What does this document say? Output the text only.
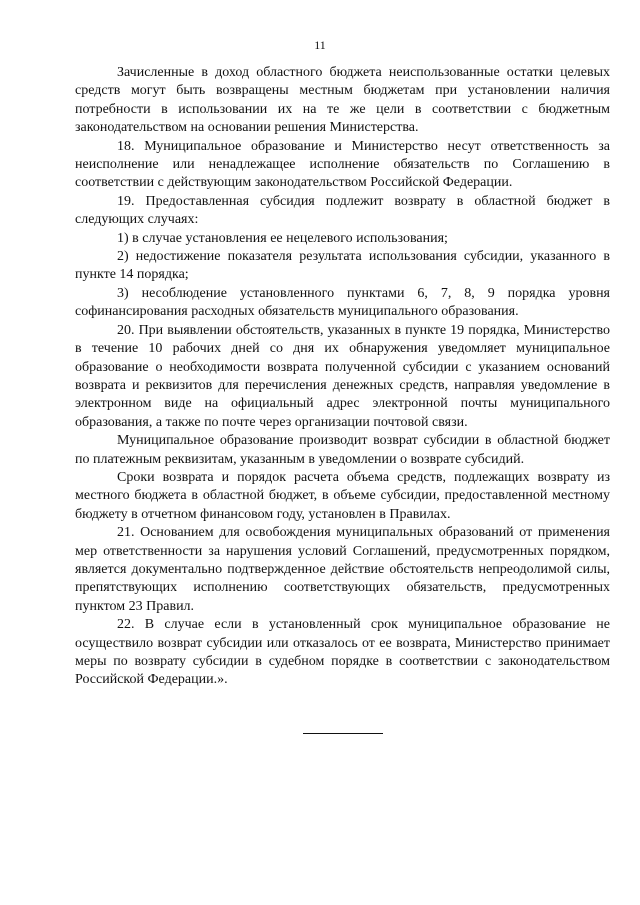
11

Зачисленные в доход областного бюджета неиспользованные остатки целевых средств могут быть возвращены местным бюджетам при установлении наличия потребности в использовании их на те же цели в соответствии с бюджетным законодательством на основании решения Министерства.

18. Муниципальное образование и Министерство несут ответственность за неисполнение или ненадлежащее исполнение обязательств по Соглашению в соответствии с действующим законодательством Российской Федерации.

19. Предоставленная субсидия подлежит возврату в областной бюджет в следующих случаях:

1) в случае установления ее нецелевого использования;

2) недостижение показателя результата использования субсидии, указанного в пункте 14 порядка;

3) несоблюдение установленного пунктами 6, 7, 8, 9 порядка уровня софинансирования расходных обязательств муниципального образования.

20. При выявлении обстоятельств, указанных в пункте 19 порядка, Министерство в течение 10 рабочих дней со дня их обнаружения уведомляет муниципальное образование о необходимости возврата полученной субсидии с указанием оснований возврата и реквизитов для перечисления денежных средств, направляя уведомление в электронном виде на официальный адрес электронной почты муниципального образования, а также по почте через организации почтовой связи.

Муниципальное образование производит возврат субсидии в областной бюджет по платежным реквизитам, указанным в уведомлении о возврате субсидий.

Сроки возврата и порядок расчета объема средств, подлежащих возврату из местного бюджета в областной бюджет, в объеме субсидии, предоставленной местному бюджету в отчетном финансовом году, установлен в Правилах.

21. Основанием для освобождения муниципальных образований от применения мер ответственности за нарушения условий Соглашений, предусмотренных порядком, является документально подтвержденное действие обстоятельств непреодолимой силы, препятствующих исполнению соответствующих обязательств, предусмотренных пунктом 23 Правил.

22. В случае если в установленный срок муниципальное образование не осуществило возврат субсидии или отказалось от ее возврата, Министерство принимает меры по возврату субсидии в судебном порядке в соответствии с законодательством Российской Федерации.».
